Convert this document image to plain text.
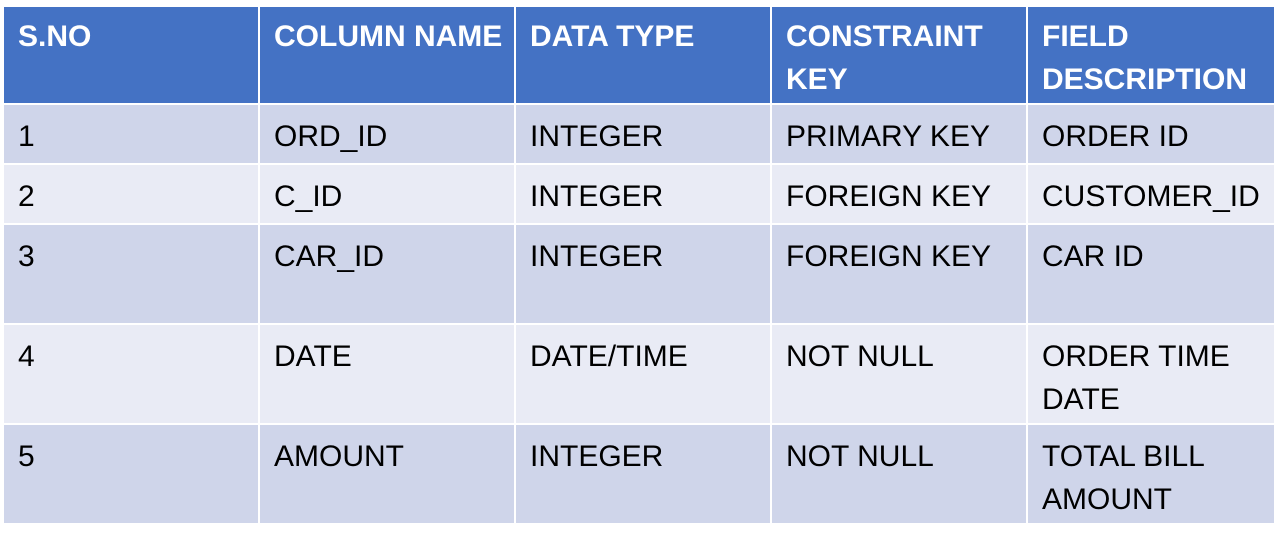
S.NO	COLUMN NAME	DATA TYPE	CONSTRAINT KEY	FIELD DESCRIPTION
1	ORD_ID	INTEGER	PRIMARY KEY	ORDER ID
2	C_ID	INTEGER	FOREIGN KEY	CUSTOMER_ID
3	CAR_ID	INTEGER	FOREIGN KEY	CAR ID
4	DATE	DATE/TIME	NOT NULL	ORDER TIME DATE
5	AMOUNT	INTEGER	NOT NULL	TOTAL BILL AMOUNT
